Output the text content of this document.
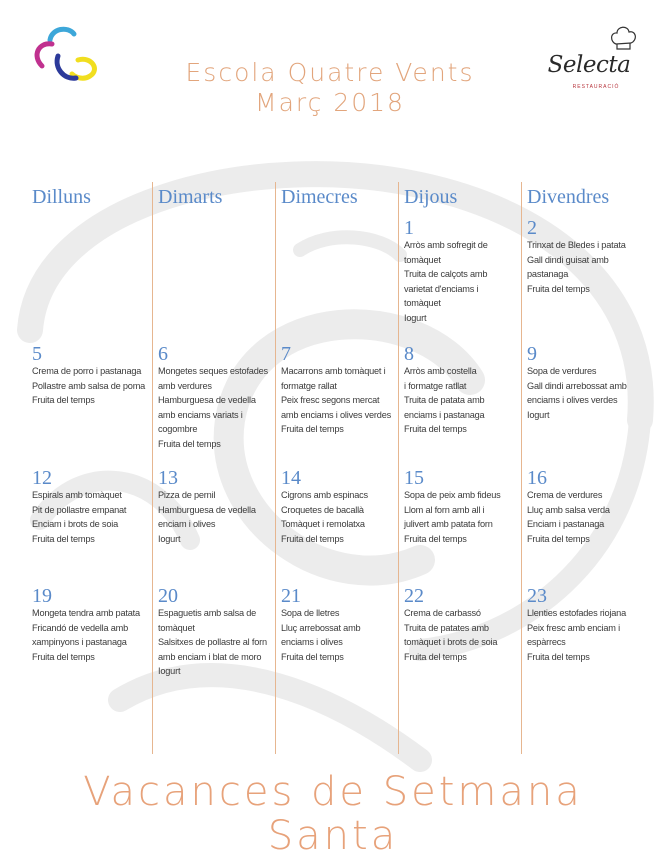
Selecta
RESTAURACIÓ
Escola Quatre Vents
Març 2018
Dilluns
5
Crema de porro i pastanaga
Pollastre amb salsa de poma
Fruita del temps
12
Espirals amb tomàquet
Pit de pollastre empanat
Enciam i brots de soia
Fruita del temps
19
Mongeta tendra amb patata
Fricandó de vedella amb
xampinyons i pastanaga
Fruita del temps
Dimarts
6
Mongetes seques estofades
amb verdures
Hamburguesa de vedella
amb enciams variats i
cogombre
Fruita del temps
13
Pizza de pernil
Hamburguesa de vedella
enciam i olives
Iogurt
20
Espaguetis amb salsa de
tomàquet
Salsitxes de pollastre al forn
amb enciam i blat de moro
Iogurt
Dimecres
7
Macarrons amb tomàquet i
formatge rallat
Peix fresc segons mercat
amb enciams i olives verdes
Fruita del temps
14
Cigrons amb espinacs
Croquetes de bacallà
Tomàquet i remolatxa
Fruita del temps
21
Sopa de lletres
Lluç arrebossat amb
enciams i olives
Fruita del temps
Dijous
1
Arròs amb sofregit de
tomàquet
Truita de calçots amb
varietat d'enciams i
tomàquet
Iogurt
8
Arròs amb costella
i formatge ratllat
Truita de patata amb
enciams i pastanaga
Fruita del temps
15
Sopa de peix amb fideus
Llom al forn amb all i
julivert amb patata forn
Fruita del temps
22
Crema de carbassó
Truita de patates amb
tomàquet i brots de soia
Fruita del temps
Divendres
2
Trinxat de Bledes i patata
Gall dindi guisat amb
pastanaga
Fruita del temps
9
Sopa de verdures
Gall dindi arrebossat amb
enciams i olives verdes
Iogurt
16
Crema de verdures
Lluç amb salsa verda
Enciam i pastanaga
Fruita del temps
23
Llenties estofades riojana
Peix fresc amb enciam i
espàrrecs
Fruita del temps
Vacances de Setmana
Santa
